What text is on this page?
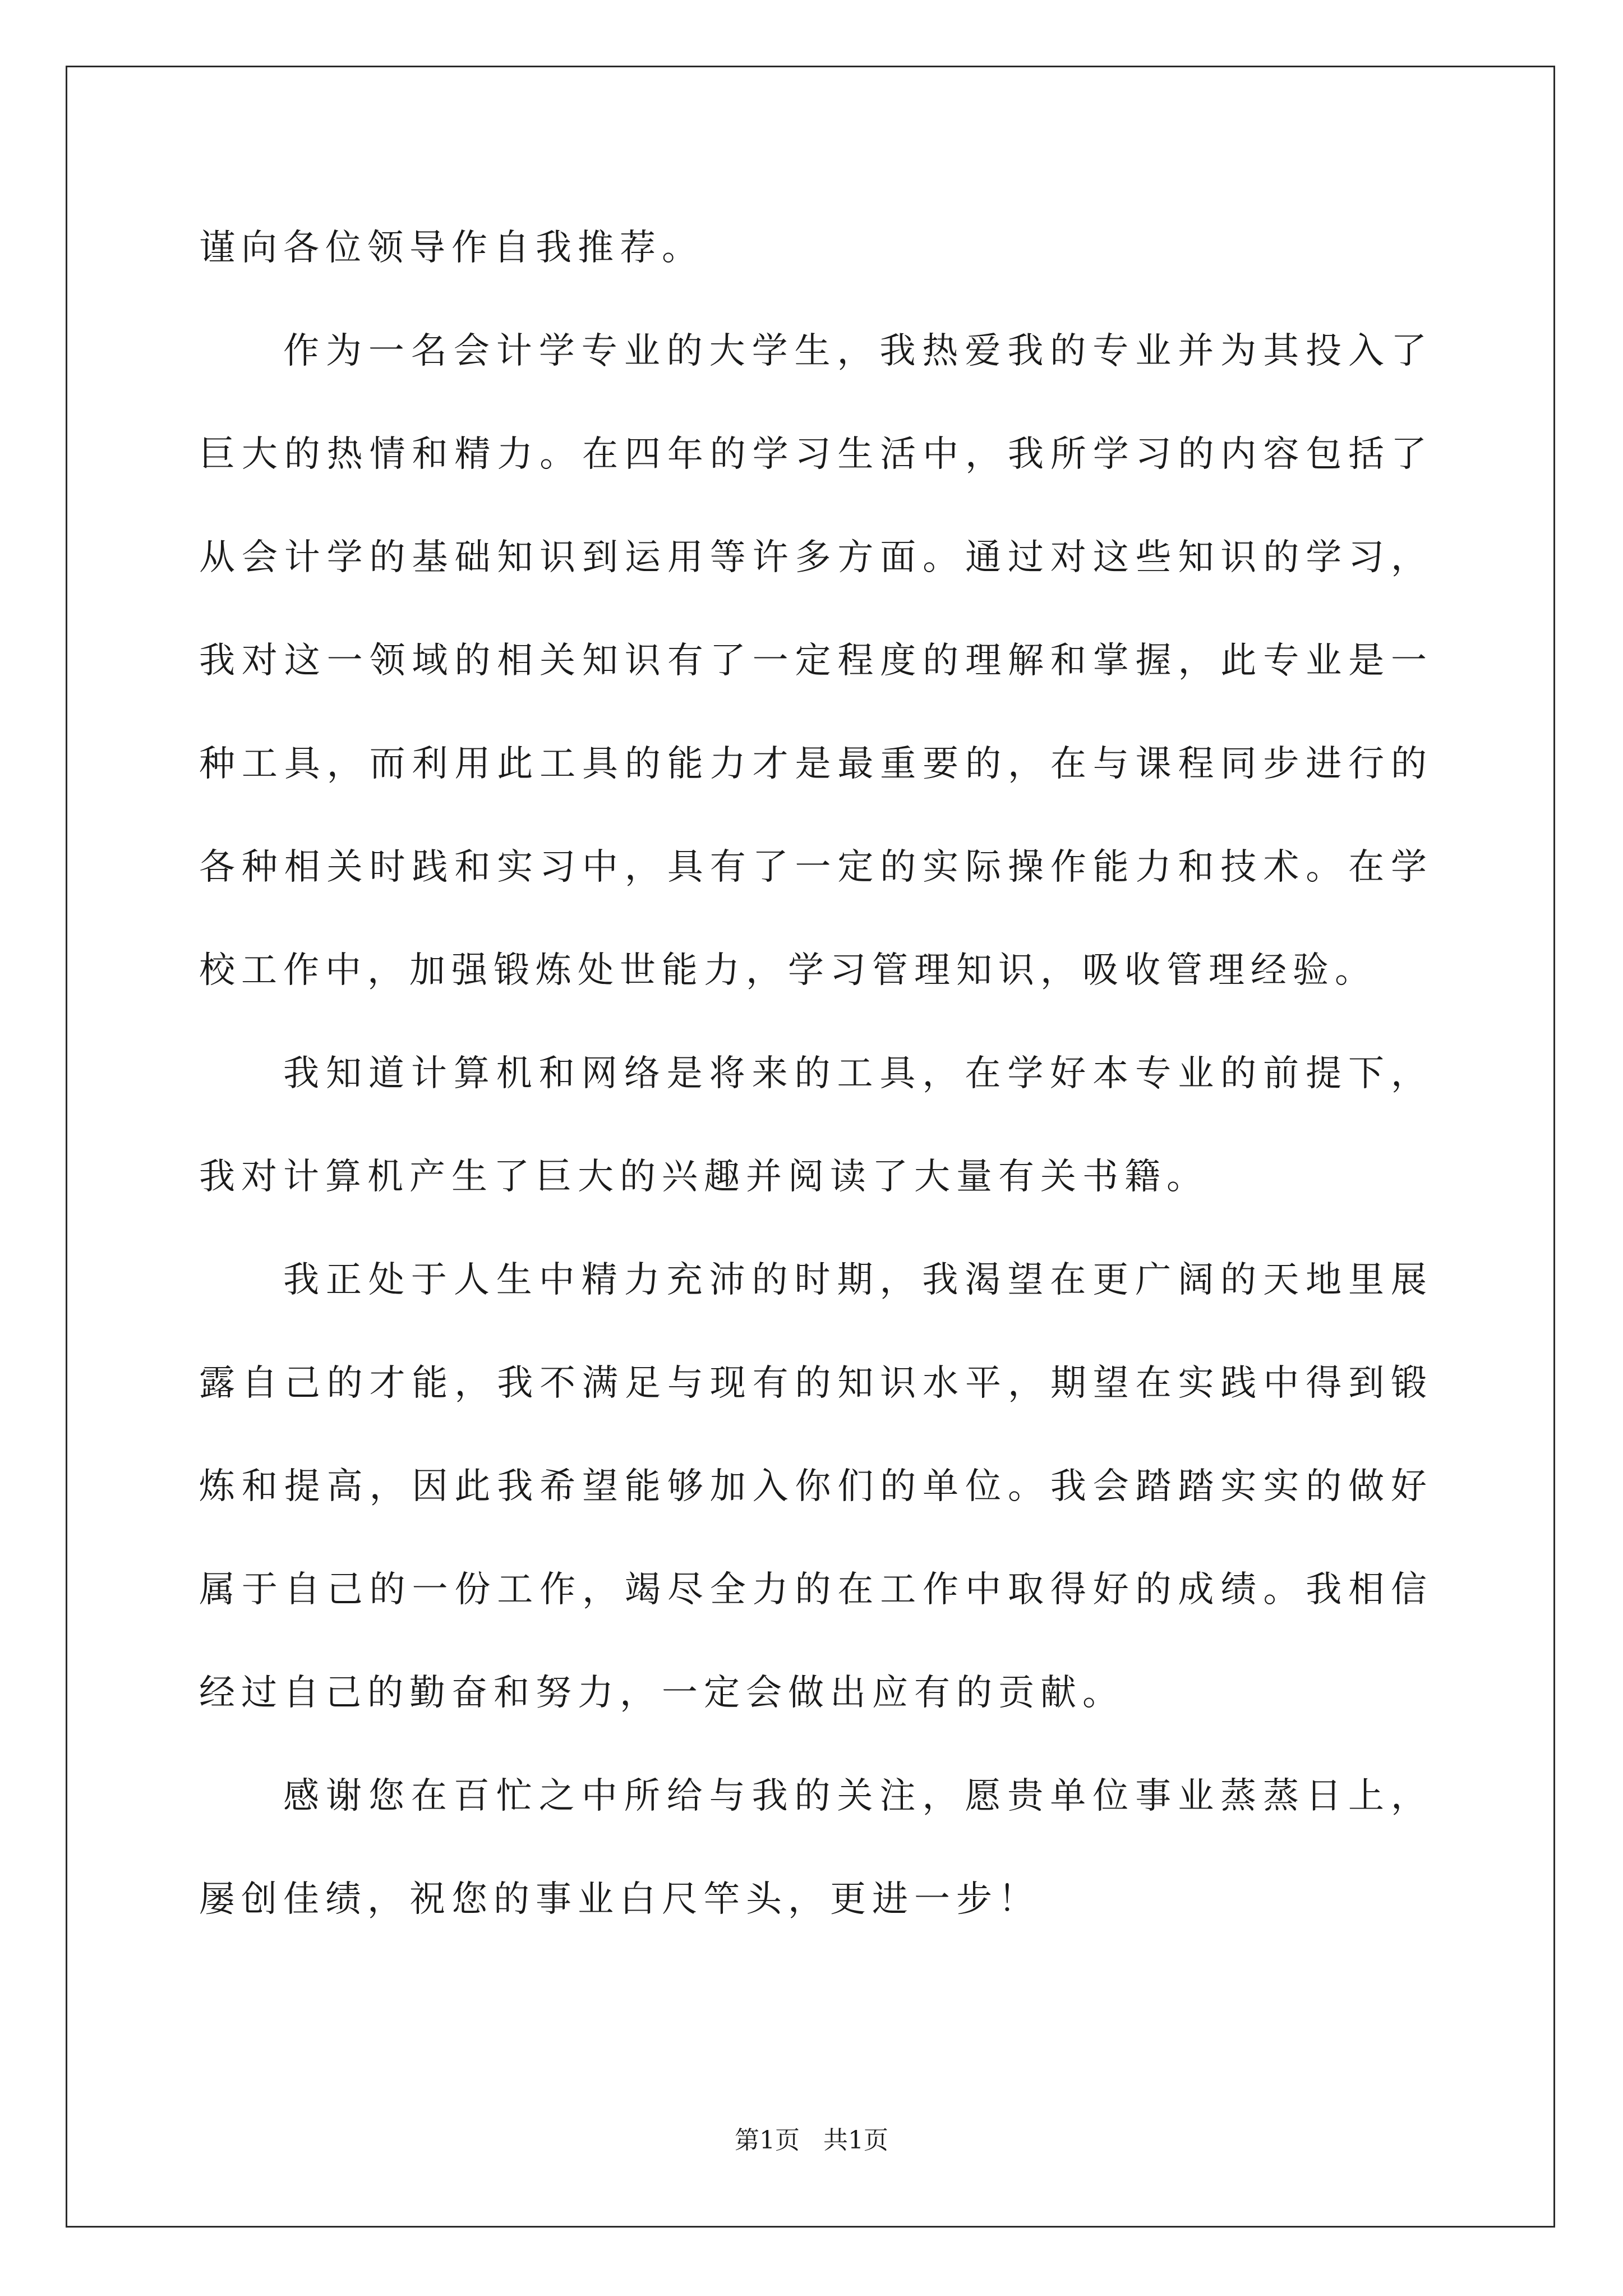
谨向各位领导作自我推荐。

作为一名会计学专业的大学生，我热爱我的专业并为其投入了巨大的热情和精力。在四年的学习生活中，我所学习的内容包括了从会计学的基础知识到运用等许多方面。通过对这些知识的学习，我对这一领域的相关知识有了一定程度的理解和掌握，此专业是一种工具，而利用此工具的能力才是最重要的，在与课程同步进行的各种相关时践和实习中，具有了一定的实际操作能力和技术。在学校工作中，加强锻炼处世能力，学习管理知识，吸收管理经验。

我知道计算机和网络是将来的工具，在学好本专业的前提下，我对计算机产生了巨大的兴趣并阅读了大量有关书籍。

我正处于人生中精力充沛的时期，我渴望在更广阔的天地里展露自己的才能，我不满足与现有的知识水平，期望在实践中得到锻炼和提高，因此我希望能够加入你们的单位。我会踏踏实实的做好属于自己的一份工作，竭尽全力的在工作中取得好的成绩。我相信经过自己的勤奋和努力，一定会做出应有的贡献。

感谢您在百忙之中所给与我的关注，愿贵单位事业蒸蒸日上，屡创佳绩，祝您的事业白尺竿头，更进一步！

第1页 共1页
